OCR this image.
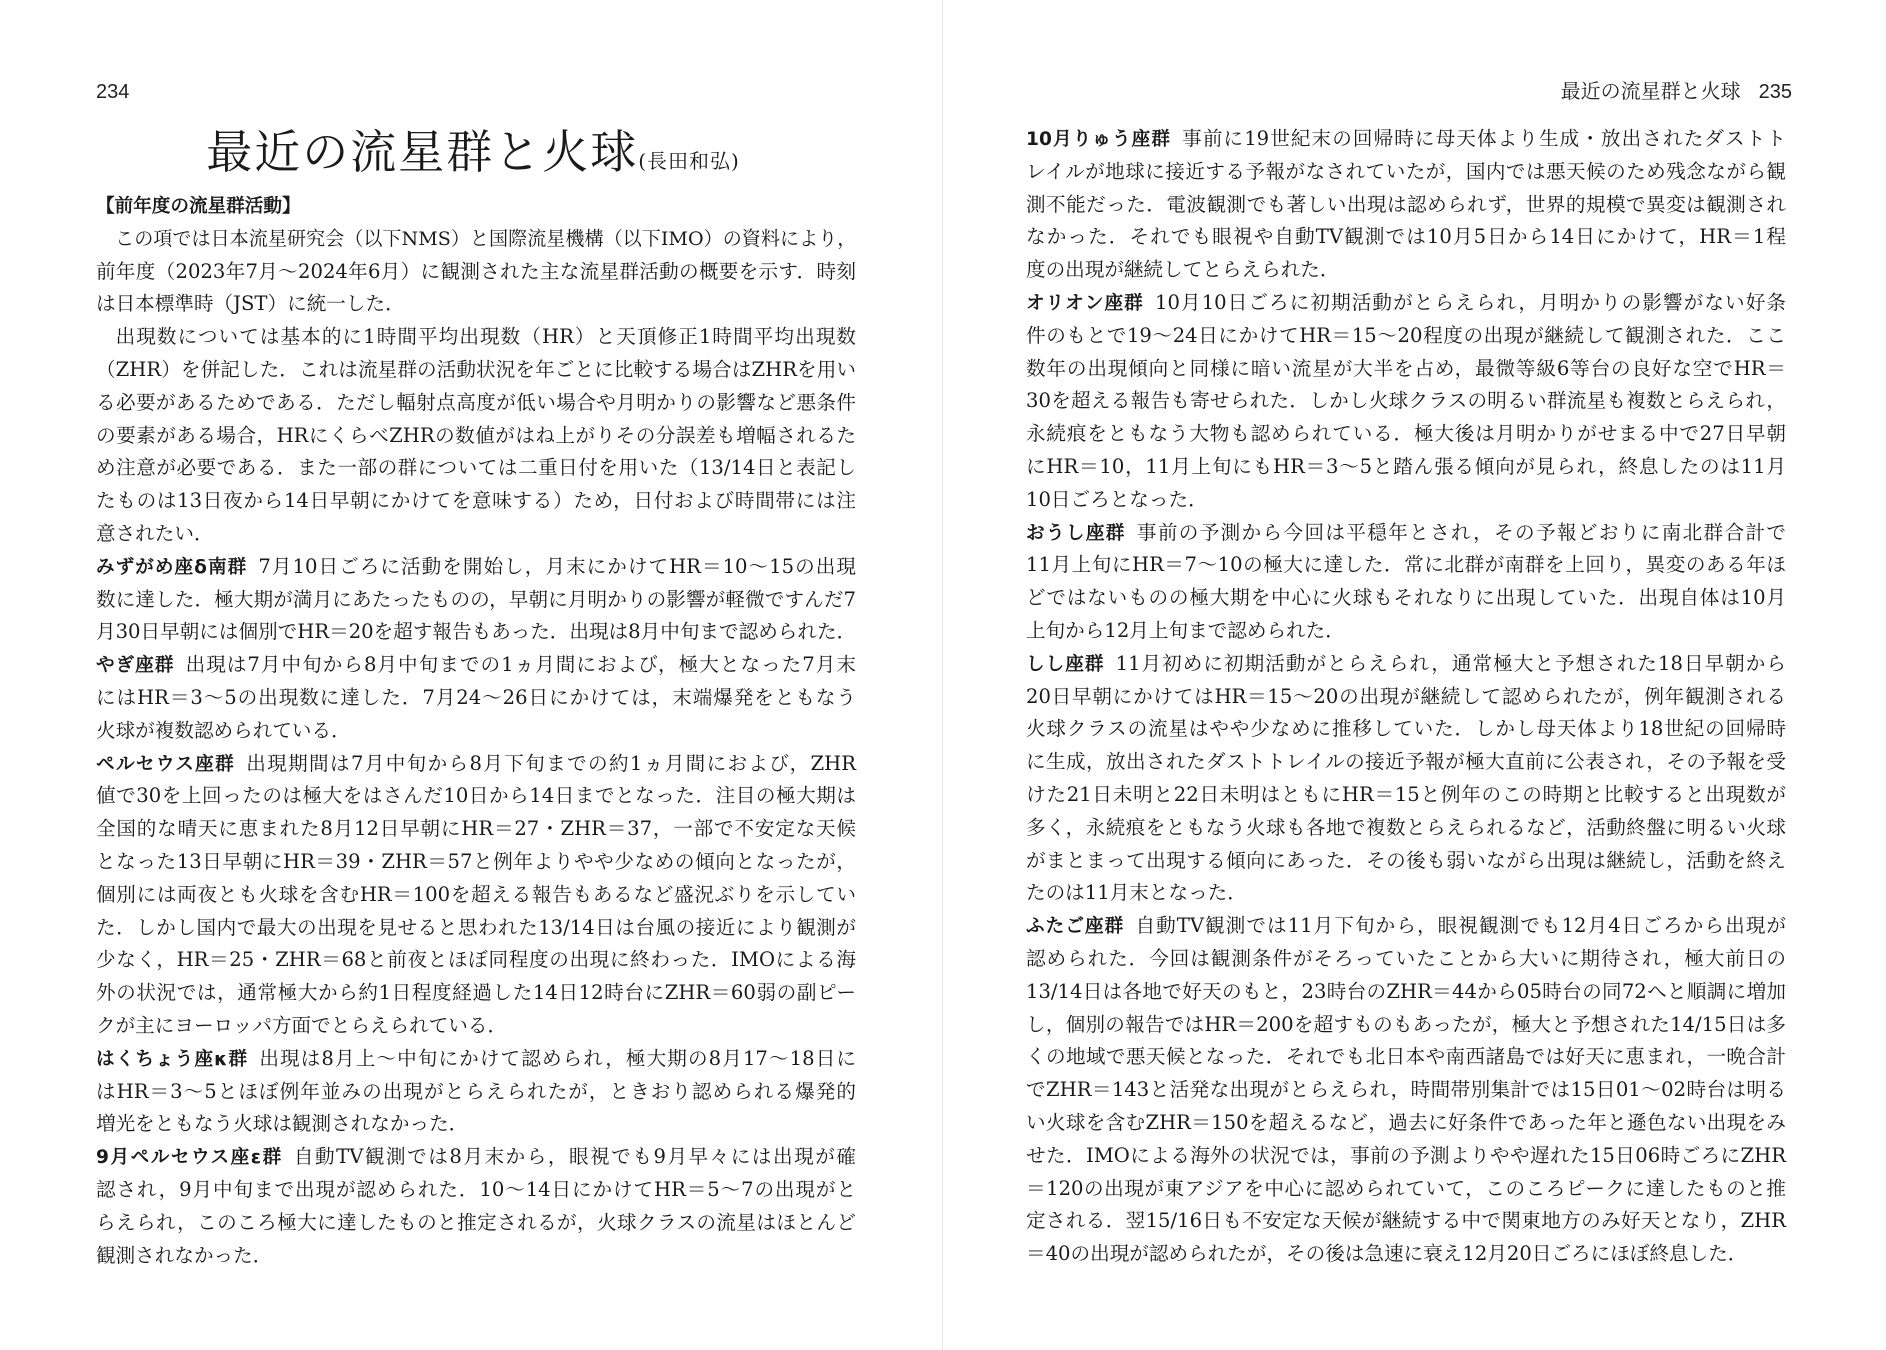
234
最近の流星群と火球(長田和弘)
【前年度の流星群活動】
この項では日本流星研究会（以下NMS）と国際流星機構（以下IMO）の資料により，
前年度（2023年7月～2024年6月）に観測された主な流星群活動の概要を示す．時刻
は日本標準時（JST）に統一した．
出現数については基本的に1時間平均出現数（HR）と天頂修正1時間平均出現数
（ZHR）を併記した．これは流星群の活動状況を年ごとに比較する場合はZHRを用い
る必要があるためである．ただし輻射点高度が低い場合や月明かりの影響など悪条件
の要素がある場合，HRにくらべZHRの数値がはね上がりその分誤差も増幅されるた
め注意が必要である．また一部の群については二重日付を用いた（13/14日と表記し
たものは13日夜から14日早朝にかけてを意味する）ため，日付および時間帯には注
意されたい．
みずがめ座δ南群 7月10日ごろに活動を開始し，月末にかけてHR＝10～15の出現
数に達した．極大期が満月にあたったものの，早朝に月明かりの影響が軽微ですんだ7
月30日早朝には個別でHR＝20を超す報告もあった．出現は8月中旬まで認められた．
やぎ座群 出現は7月中旬から8月中旬までの1ヵ月間におよび，極大となった7月末
にはHR＝3～5の出現数に達した．7月24～26日にかけては，末端爆発をともなう
火球が複数認められている．
ペルセウス座群 出現期間は7月中旬から8月下旬までの約1ヵ月間におよび，ZHR
値で30を上回ったのは極大をはさんだ10日から14日までとなった．注目の極大期は
全国的な晴天に恵まれた8月12日早朝にHR＝27・ZHR＝37，一部で不安定な天候
となった13日早朝にHR＝39・ZHR＝57と例年よりやや少なめの傾向となったが，
個別には両夜とも火球を含むHR＝100を超える報告もあるなど盛況ぶりを示してい
た．しかし国内で最大の出現を見せると思われた13/14日は台風の接近により観測が
少なく，HR＝25・ZHR＝68と前夜とほぼ同程度の出現に終わった．IMOによる海
外の状況では，通常極大から約1日程度経過した14日12時台にZHR＝60弱の副ピー
クが主にヨーロッパ方面でとらえられている．
はくちょう座κ群 出現は8月上～中旬にかけて認められ，極大期の8月17～18日に
はHR＝3～5とほぼ例年並みの出現がとらえられたが，ときおり認められる爆発的
増光をともなう火球は観測されなかった．
9月ペルセウス座ε群 自動TV観測では8月末から，眼視でも9月早々には出現が確
認され，9月中旬まで出現が認められた．10～14日にかけてHR＝5～7の出現がと
らえられ，このころ極大に達したものと推定されるが，火球クラスの流星はほとんど
観測されなかった．
最近の流星群と火球 235
10月りゅう座群 事前に19世紀末の回帰時に母天体より生成・放出されたダストト
レイルが地球に接近する予報がなされていたが，国内では悪天候のため残念ながら観
測不能だった．電波観測でも著しい出現は認められず，世界的規模で異変は観測され
なかった．それでも眼視や自動TV観測では10月5日から14日にかけて，HR＝1程
度の出現が継続してとらえられた．
オリオン座群 10月10日ごろに初期活動がとらえられ，月明かりの影響がない好条
件のもとで19～24日にかけてHR＝15～20程度の出現が継続して観測された．ここ
数年の出現傾向と同様に暗い流星が大半を占め，最微等級6等台の良好な空でHR＝
30を超える報告も寄せられた．しかし火球クラスの明るい群流星も複数とらえられ，
永続痕をともなう大物も認められている．極大後は月明かりがせまる中で27日早朝
にHR＝10，11月上旬にもHR＝3～5と踏ん張る傾向が見られ，終息したのは11月
10日ごろとなった．
おうし座群 事前の予測から今回は平穏年とされ，その予報どおりに南北群合計で
11月上旬にHR＝7～10の極大に達した．常に北群が南群を上回り，異変のある年ほ
どではないものの極大期を中心に火球もそれなりに出現していた．出現自体は10月
上旬から12月上旬まで認められた．
しし座群 11月初めに初期活動がとらえられ，通常極大と予想された18日早朝から
20日早朝にかけてはHR＝15～20の出現が継続して認められたが，例年観測される
火球クラスの流星はやや少なめに推移していた．しかし母天体より18世紀の回帰時
に生成，放出されたダストトレイルの接近予報が極大直前に公表され，その予報を受
けた21日未明と22日未明はともにHR＝15と例年のこの時期と比較すると出現数が
多く，永続痕をともなう火球も各地で複数とらえられるなど，活動終盤に明るい火球
がまとまって出現する傾向にあった．その後も弱いながら出現は継続し，活動を終え
たのは11月末となった．
ふたご座群 自動TV観測では11月下旬から，眼視観測でも12月4日ごろから出現が
認められた．今回は観測条件がそろっていたことから大いに期待され，極大前日の
13/14日は各地で好天のもと，23時台のZHR＝44から05時台の同72へと順調に増加
し，個別の報告ではHR＝200を超すものもあったが，極大と予想された14/15日は多
くの地域で悪天候となった．それでも北日本や南西諸島では好天に恵まれ，一晩合計
でZHR＝143と活発な出現がとらえられ，時間帯別集計では15日01～02時台は明る
い火球を含むZHR＝150を超えるなど，過去に好条件であった年と遜色ない出現をみ
せた．IMOによる海外の状況では，事前の予測よりやや遅れた15日06時ごろにZHR
＝120の出現が東アジアを中心に認められていて，このころピークに達したものと推
定される．翌15/16日も不安定な天候が継続する中で関東地方のみ好天となり，ZHR
＝40の出現が認められたが，その後は急速に衰え12月20日ごろにほぼ終息した．
